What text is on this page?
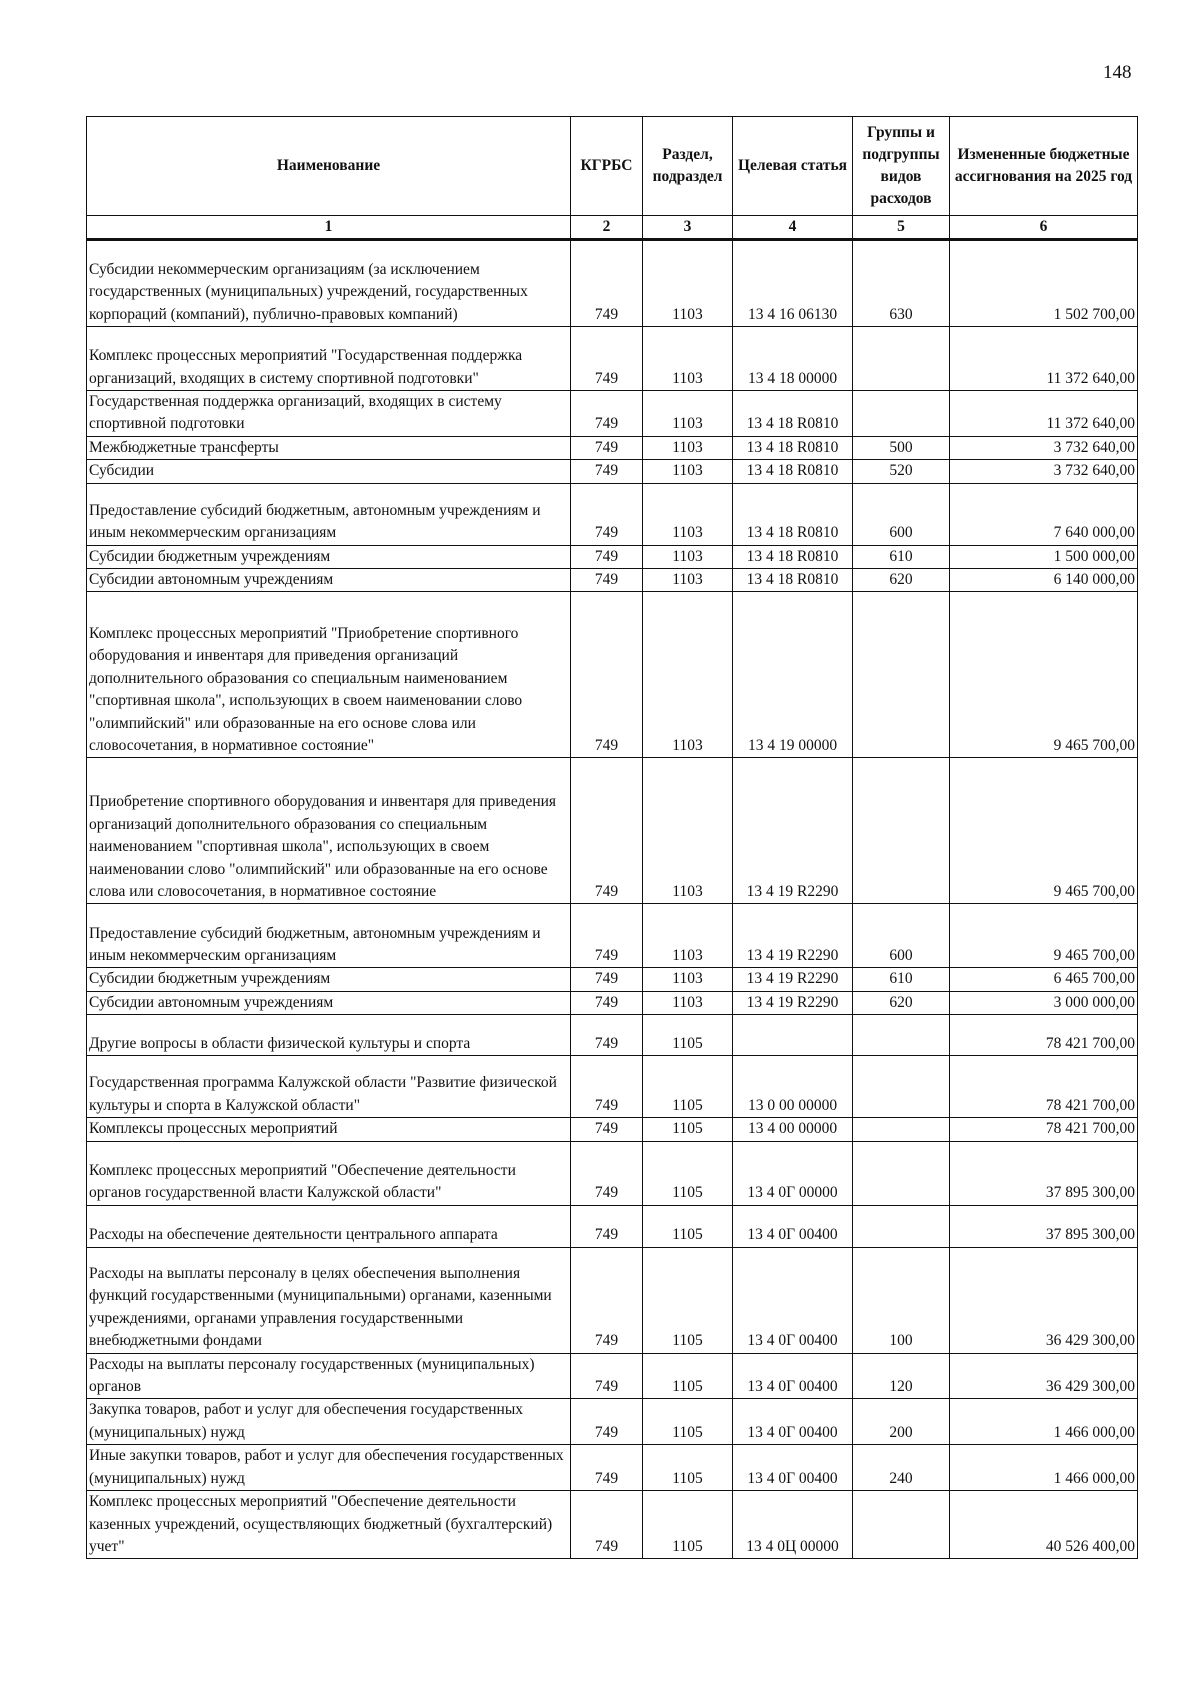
148
Наименование	КГРБС	Раздел, подраздел	Целевая статья	Группы и подгруппы видов расходов	Измененные бюджетные ассигнования на 2025 год
1	2	3	4	5	6
Субсидии некоммерческим организациям (за исключением государственных (муниципальных) учреждений, государственных корпораций (компаний), публично-правовых компаний)	749	1103	13 4 16 06130	630	1 502 700,00
Комплекс процессных мероприятий "Государственная поддержка организаций, входящих в систему спортивной подготовки"	749	1103	13 4 18 00000		11 372 640,00
Государственная поддержка организаций, входящих в систему спортивной подготовки	749	1103	13 4 18 R0810		11 372 640,00
Межбюджетные трансферты	749	1103	13 4 18 R0810	500	3 732 640,00
Субсидии	749	1103	13 4 18 R0810	520	3 732 640,00
Предоставление субсидий бюджетным, автономным учреждениям и иным некоммерческим организациям	749	1103	13 4 18 R0810	600	7 640 000,00
Субсидии бюджетным учреждениям	749	1103	13 4 18 R0810	610	1 500 000,00
Субсидии автономным учреждениям	749	1103	13 4 18 R0810	620	6 140 000,00
Комплекс процессных мероприятий "Приобретение спортивного оборудования и инвентаря для приведения организаций дополнительного образования со специальным наименованием "спортивная школа", использующих в своем наименовании слово "олимпийский" или образованные на его основе слова или словосочетания, в нормативное состояние"	749	1103	13 4 19 00000		9 465 700,00
Приобретение спортивного оборудования и инвентаря для приведения организаций дополнительного образования со специальным наименованием "спортивная школа", использующих в своем наименовании слово "олимпийский" или образованные на его основе слова или словосочетания, в нормативное состояние	749	1103	13 4 19 R2290		9 465 700,00
Предоставление субсидий бюджетным, автономным учреждениям и иным некоммерческим организациям	749	1103	13 4 19 R2290	600	9 465 700,00
Субсидии бюджетным учреждениям	749	1103	13 4 19 R2290	610	6 465 700,00
Субсидии автономным учреждениям	749	1103	13 4 19 R2290	620	3 000 000,00
Другие вопросы в области физической культуры и спорта	749	1105			78 421 700,00
Государственная программа Калужской области "Развитие физической культуры и спорта в Калужской области"	749	1105	13 0 00 00000		78 421 700,00
Комплексы процессных мероприятий	749	1105	13 4 00 00000		78 421 700,00
Комплекс процессных мероприятий "Обеспечение деятельности органов государственной власти Калужской области"	749	1105	13 4 0Г 00000		37 895 300,00
Расходы на обеспечение деятельности центрального аппарата	749	1105	13 4 0Г 00400		37 895 300,00
Расходы на выплаты персоналу в целях обеспечения выполнения функций государственными (муниципальными) органами, казенными учреждениями, органами управления государственными внебюджетными фондами	749	1105	13 4 0Г 00400	100	36 429 300,00
Расходы на выплаты персоналу государственных (муниципальных) органов	749	1105	13 4 0Г 00400	120	36 429 300,00
Закупка товаров, работ и услуг для обеспечения государственных (муниципальных) нужд	749	1105	13 4 0Г 00400	200	1 466 000,00
Иные закупки товаров, работ и услуг для обеспечения государственных (муниципальных) нужд	749	1105	13 4 0Г 00400	240	1 466 000,00
Комплекс процессных мероприятий "Обеспечение деятельности казенных учреждений, осуществляющих бюджетный (бухгалтерский) учет"	749	1105	13 4 0Ц 00000		40 526 400,00
